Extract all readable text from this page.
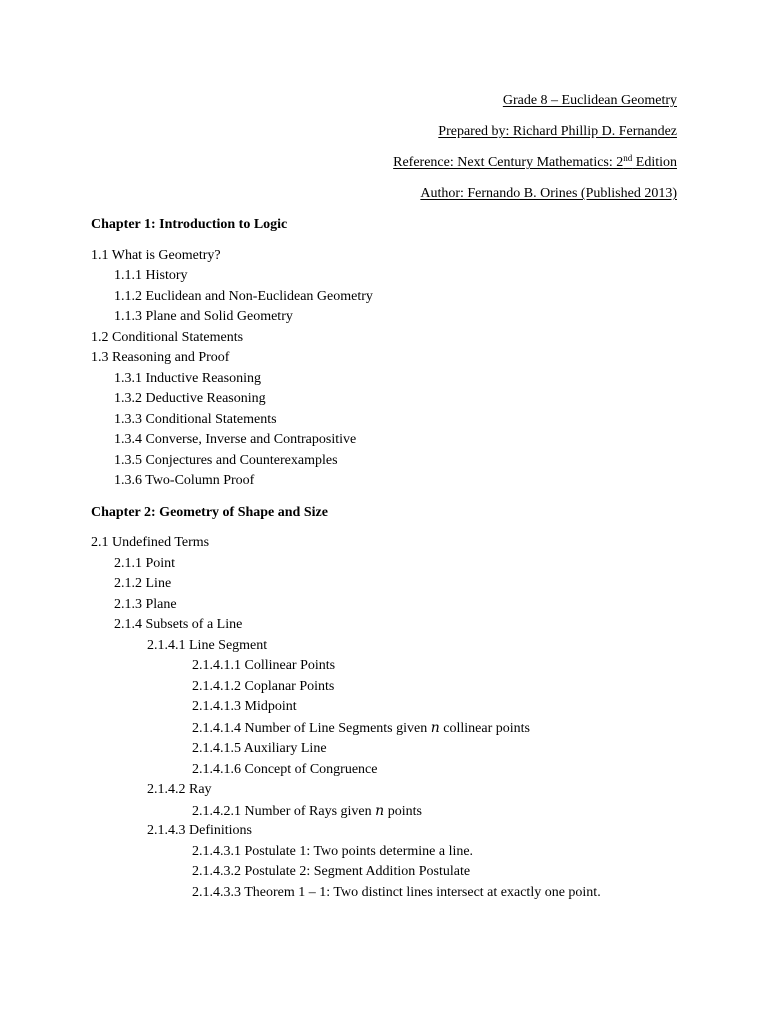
Grade 8 – Euclidean Geometry
Prepared by: Richard Phillip D. Fernandez
Reference: Next Century Mathematics: 2nd Edition
Author: Fernando B. Orines (Published 2013)
Chapter 1: Introduction to Logic
1.1 What is Geometry?
1.1.1 History
1.1.2 Euclidean and Non-Euclidean Geometry
1.1.3 Plane and Solid Geometry
1.2 Conditional Statements
1.3 Reasoning and Proof
1.3.1 Inductive Reasoning
1.3.2 Deductive Reasoning
1.3.3 Conditional Statements
1.3.4 Converse, Inverse and Contrapositive
1.3.5 Conjectures and Counterexamples
1.3.6 Two-Column Proof
Chapter 2: Geometry of Shape and Size
2.1 Undefined Terms
2.1.1 Point
2.1.2 Line
2.1.3 Plane
2.1.4 Subsets of a Line
2.1.4.1 Line Segment
2.1.4.1.1 Collinear Points
2.1.4.1.2 Coplanar Points
2.1.4.1.3 Midpoint
2.1.4.1.4 Number of Line Segments given n collinear points
2.1.4.1.5 Auxiliary Line
2.1.4.1.6 Concept of Congruence
2.1.4.2 Ray
2.1.4.2.1 Number of Rays given n points
2.1.4.3 Definitions
2.1.4.3.1 Postulate 1: Two points determine a line.
2.1.4.3.2 Postulate 2: Segment Addition Postulate
2.1.4.3.3 Theorem 1 – 1: Two distinct lines intersect at exactly one point.
